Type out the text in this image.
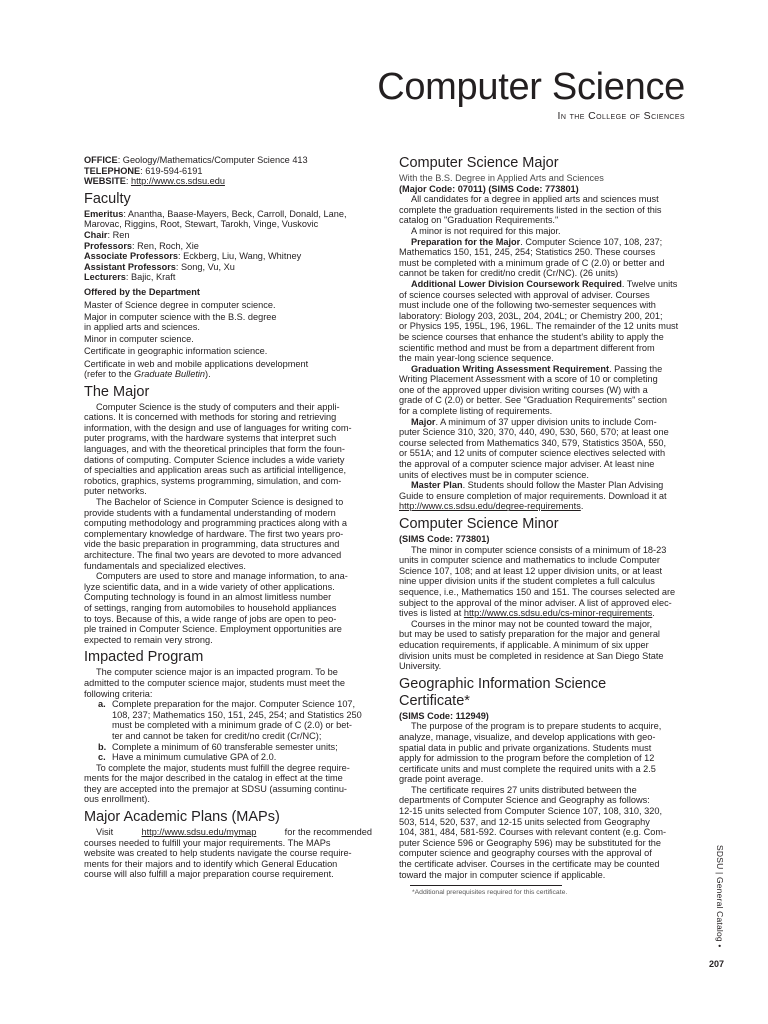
Computer Science
In the College of Sciences
OFFICE: Geology/Mathematics/Computer Science 413
TELEPHONE: 619-594-6191
WEBSITE: http://www.cs.sdsu.edu
Faculty
Emeritus: Anantha, Baase-Mayers, Beck, Carroll, Donald, Lane,
Marovac, Riggins, Root, Stewart, Tarokh, Vinge, Vuskovic
Chair: Ren
Professors: Ren, Roch, Xie
Associate Professors: Eckberg, Liu, Wang, Whitney
Assistant Professors: Song, Vu, Xu
Lecturers: Bajic, Kraft
Offered by the Department
Master of Science degree in computer science.
Major in computer science with the B.S. degree
in applied arts and sciences.
Minor in computer science.
Certificate in geographic information science.
Certificate in web and mobile applications development
(refer to the Graduate Bulletin).
The Major
Computer Science is the study of computers and their appli-
cations. It is concerned with methods for storing and retrieving
information, with the design and use of languages for writing com-
puter programs, with the hardware systems that interpret such
languages, and with the theoretical principles that form the foun-
dations of computing. Computer Science includes a wide variety
of specialties and application areas such as artificial intelligence,
robotics, graphics, systems programming, simulation, and com-
puter networks.
The Bachelor of Science in Computer Science is designed to
provide students with a fundamental understanding of modern
computing methodology and programming practices along with a
complementary knowledge of hardware. The first two years pro-
vide the basic preparation in programming, data structures and
architecture. The final two years are devoted to more advanced
fundamentals and specialized electives.
Computers are used to store and manage information, to ana-
lyze scientific data, and in a wide variety of other applications.
Computing technology is found in an almost limitless number
of settings, ranging from automobiles to household appliances
to toys. Because of this, a wide range of jobs are open to peo-
ple trained in Computer Science. Employment opportunities are
expected to remain very strong.
Impacted Program
The computer science major is an impacted program. To be
admitted to the computer science major, students must meet the
following criteria:
a. Complete preparation for the major. Computer Science 107,
108, 237; Mathematics 150, 151, 245, 254; and Statistics 250
must be completed with a minimum grade of C (2.0) or bet-
ter and cannot be taken for credit/no credit (Cr/NC);
b. Complete a minimum of 60 transferable semester units;
c. Have a minimum cumulative GPA of 2.0.
To complete the major, students must fulfill the degree require-
ments for the major described in the catalog in effect at the time
they are accepted into the premajor at SDSU (assuming continu-
ous enrollment).
Major Academic Plans (MAPs)
Visit	http://www.sdsu.edu/mymap	for the recommended
courses needed to fulfill your major requirements. The MAPs
website was created to help students navigate the course require-
ments for their majors and to identify which General Education
course will also fulfill a major preparation course requirement.
Computer Science Major
With the B.S. Degree in Applied Arts and Sciences
(Major Code: 07011) (SIMS Code: 773801)
All candidates for a degree in applied arts and sciences must
complete the graduation requirements listed in the section of this
catalog on "Graduation Requirements."
A minor is not required for this major.
Preparation for the Major. Computer Science 107, 108, 237;
Mathematics 150, 151, 245, 254; Statistics 250. These courses
must be completed with a minimum grade of C (2.0) or better and
cannot be taken for credit/no credit (Cr/NC). (26 units)
Additional Lower Division Coursework Required. Twelve units
of science courses selected with approval of adviser. Courses
must include one of the following two-semester sequences with
laboratory: Biology 203, 203L, 204, 204L; or Chemistry 200, 201;
or Physics 195, 195L, 196, 196L. The remainder of the 12 units must
be science courses that enhance the student's ability to apply the
scientific method and must be from a department different from
the main year-long science sequence.
Graduation Writing Assessment Requirement. Passing the
Writing Placement Assessment with a score of 10 or completing
one of the approved upper division writing courses (W) with a
grade of C (2.0) or better. See "Graduation Requirements" section
for a complete listing of requirements.
Major. A minimum of 37 upper division units to include Com-
puter Science 310, 320, 370, 440, 490, 530, 560, 570; at least one
course selected from Mathematics 340, 579, Statistics 350A, 550,
or 551A; and 12 units of computer science electives selected with
the approval of a computer science major adviser. At least nine
units of electives must be in computer science.
Master Plan. Students should follow the Master Plan Advising
Guide to ensure completion of major requirements. Download it at
http://www.cs.sdsu.edu/degree-requirements.
Computer Science Minor
(SIMS Code: 773801)
The minor in computer science consists of a minimum of 18-23
units in computer science and mathematics to include Computer
Science 107, 108; and at least 12 upper division units, or at least
nine upper division units if the student completes a full calculus
sequence, i.e., Mathematics 150 and 151. The courses selected are
subject to the approval of the minor adviser. A list of approved elec-
tives is listed at http://www.cs.sdsu.edu/cs-minor-requirements.
Courses in the minor may not be counted toward the major,
but may be used to satisfy preparation for the major and general
education requirements, if applicable. A minimum of six upper
division units must be completed in residence at San Diego State
University.
Geographic Information Science
Certificate*
(SIMS Code: 112949)
The purpose of the program is to prepare students to acquire,
analyze, manage, visualize, and develop applications with geo-
spatial data in public and private organizations. Students must
apply for admission to the program before the completion of 12
certificate units and must complete the required units with a 2.5
grade point average.
The certificate requires 27 units distributed between the
departments of Computer Science and Geography as follows:
12-15 units selected from Computer Science 107, 108, 310, 320,
503, 514, 520, 537, and 12-15 units selected from Geography
104, 381, 484, 581-592. Courses with relevant content (e.g. Com-
puter Science 596 or Geography 596) may be substituted for the
computer science and geography courses with the approval of
the certificate adviser. Courses in the certificate may be counted
toward the major in computer science if applicable.
*Additional prerequisites required for this certificate.	SDSU | General Catalog •
207
